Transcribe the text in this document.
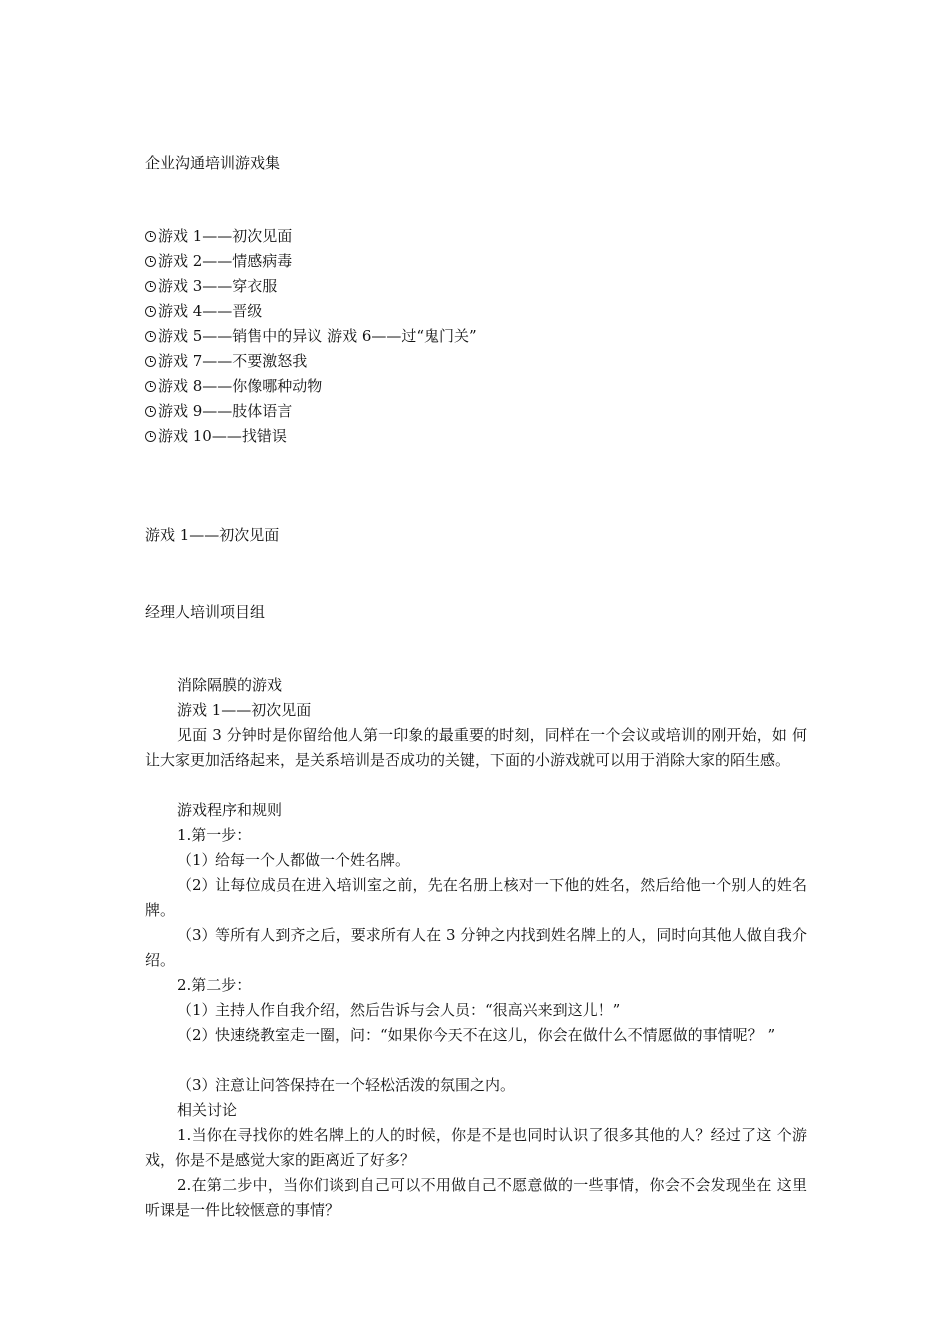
企业沟通培训游戏集
游戏 1——初次见面
游戏 2——情感病毒
游戏 3——穿衣服
游戏 4——晋级
游戏 5——销售中的异议 游戏 6——过“鬼门关”
游戏 7——不要激怒我
游戏 8——你像哪种动物
游戏 9——肢体语言
游戏 10——找错误
游戏 1——初次见面
经理人培训项目组
消除隔膜的游戏
游戏 1——初次见面
见面 3 分钟时是你留给他人第一印象的最重要的时刻，同样在一个会议或培训的刚开始，如 何 让大家更加活络起来，是关系培训是否成功的关键，下面的小游戏就可以用于消除大家的陌生感。
游戏程序和规则
1.第一步：
（1）给每一个人都做一个姓名牌。
（2）让每位成员在进入培训室之前，先在名册上核对一下他的姓名，然后给他一个别人的姓名牌。
（3）等所有人到齐之后，要求所有人在 3 分钟之内找到姓名牌上的人，同时向其他人做自我介绍。
2.第二步：
（1）主持人作自我介绍，然后告诉与会人员：“很高兴来到这儿！”
（2）快速绕教室走一圈，问：“如果你今天不在这儿，你会在做什么不情愿做的事情呢？ ”
（3）注意让问答保持在一个轻松活泼的氛围之内。
相关讨论
1.当你在寻找你的姓名牌上的人的时候，你是不是也同时认识了很多其他的人？经过了这 个游戏，你是不是感觉大家的距离近了好多？
2.在第二步中，当你们谈到自己可以不用做自己不愿意做的一些事情，你会不会发现坐在 这里听课是一件比较惬意的事情？
